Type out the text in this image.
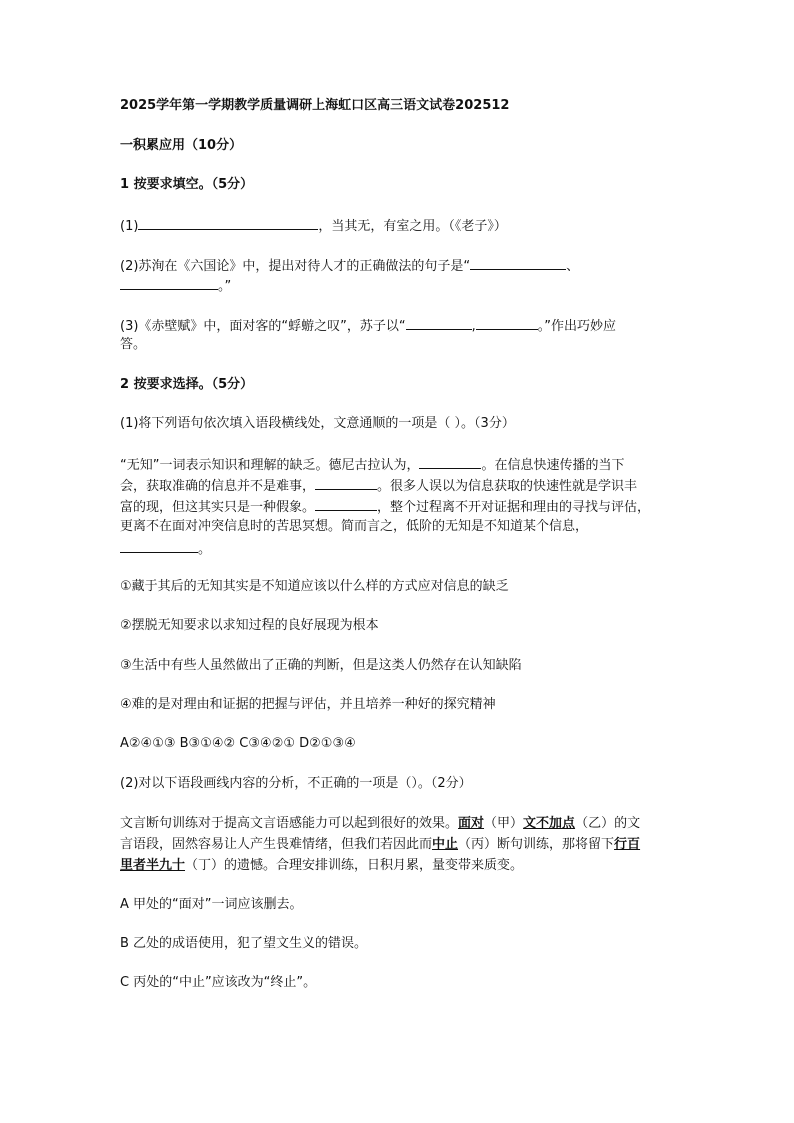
2025学年第一学期教学质量调研上海虹口区高三语文试卷202512
一积累应用（10分）
1 按要求填空。（5分）
(1)	，当其无，有室之用。（《老子》）
(2)苏洵在《六国论》中，提出对待人才的正确做法的句子是“	、
。”
(3)《赤壁赋》中，面对客的“蜉蝣之叹”，苏子以“	,	。”作出巧妙应
答。
2 按要求选择。（5分）
(1)将下列语句依次填入语段横线处，文意通顺的一项是（ ）。（3分）
“无知”一词表示知识和理解的缺乏。德尼古拉认为，	。在信息快速传播的当下
会，获取准确的信息并不是难事，	。很多人误以为信息获取的快速性就是学识丰
富的现，但这其实只是一种假象。	，整个过程离不开对证据和理由的寻找与评估，
更离不在面对冲突信息时的苦思冥想。简而言之，低阶的无知是不知道某个信息，
。
①藏于其后的无知其实是不知道应该以什么样的方式应对信息的缺乏
②摆脱无知要求以求知过程的良好展现为根本
③生活中有些人虽然做出了正确的判断，但是这类人仍然存在认知缺陷
④难的是对理由和证据的把握与评估，并且培养一种好的探究精神
A②④①③ B③①④② C③④②① D②①③④
(2)对以下语段画线内容的分析，不正确的一项是（）。（2分）
文言断句训练对于提高文言语感能力可以起到很好的效果。面对（甲）文不加点（乙）的文
言语段，固然容易让人产生畏难情绪，但我们若因此而中止（丙）断句训练，那将留下行百
里者半九十（丁）的遗憾。合理安排训练，日积月累，量变带来质变。
A 甲处的“面对”一词应该删去。
B 乙处的成语使用，犯了望文生义的错误。
C 丙处的“中止”应该改为“终止”。
